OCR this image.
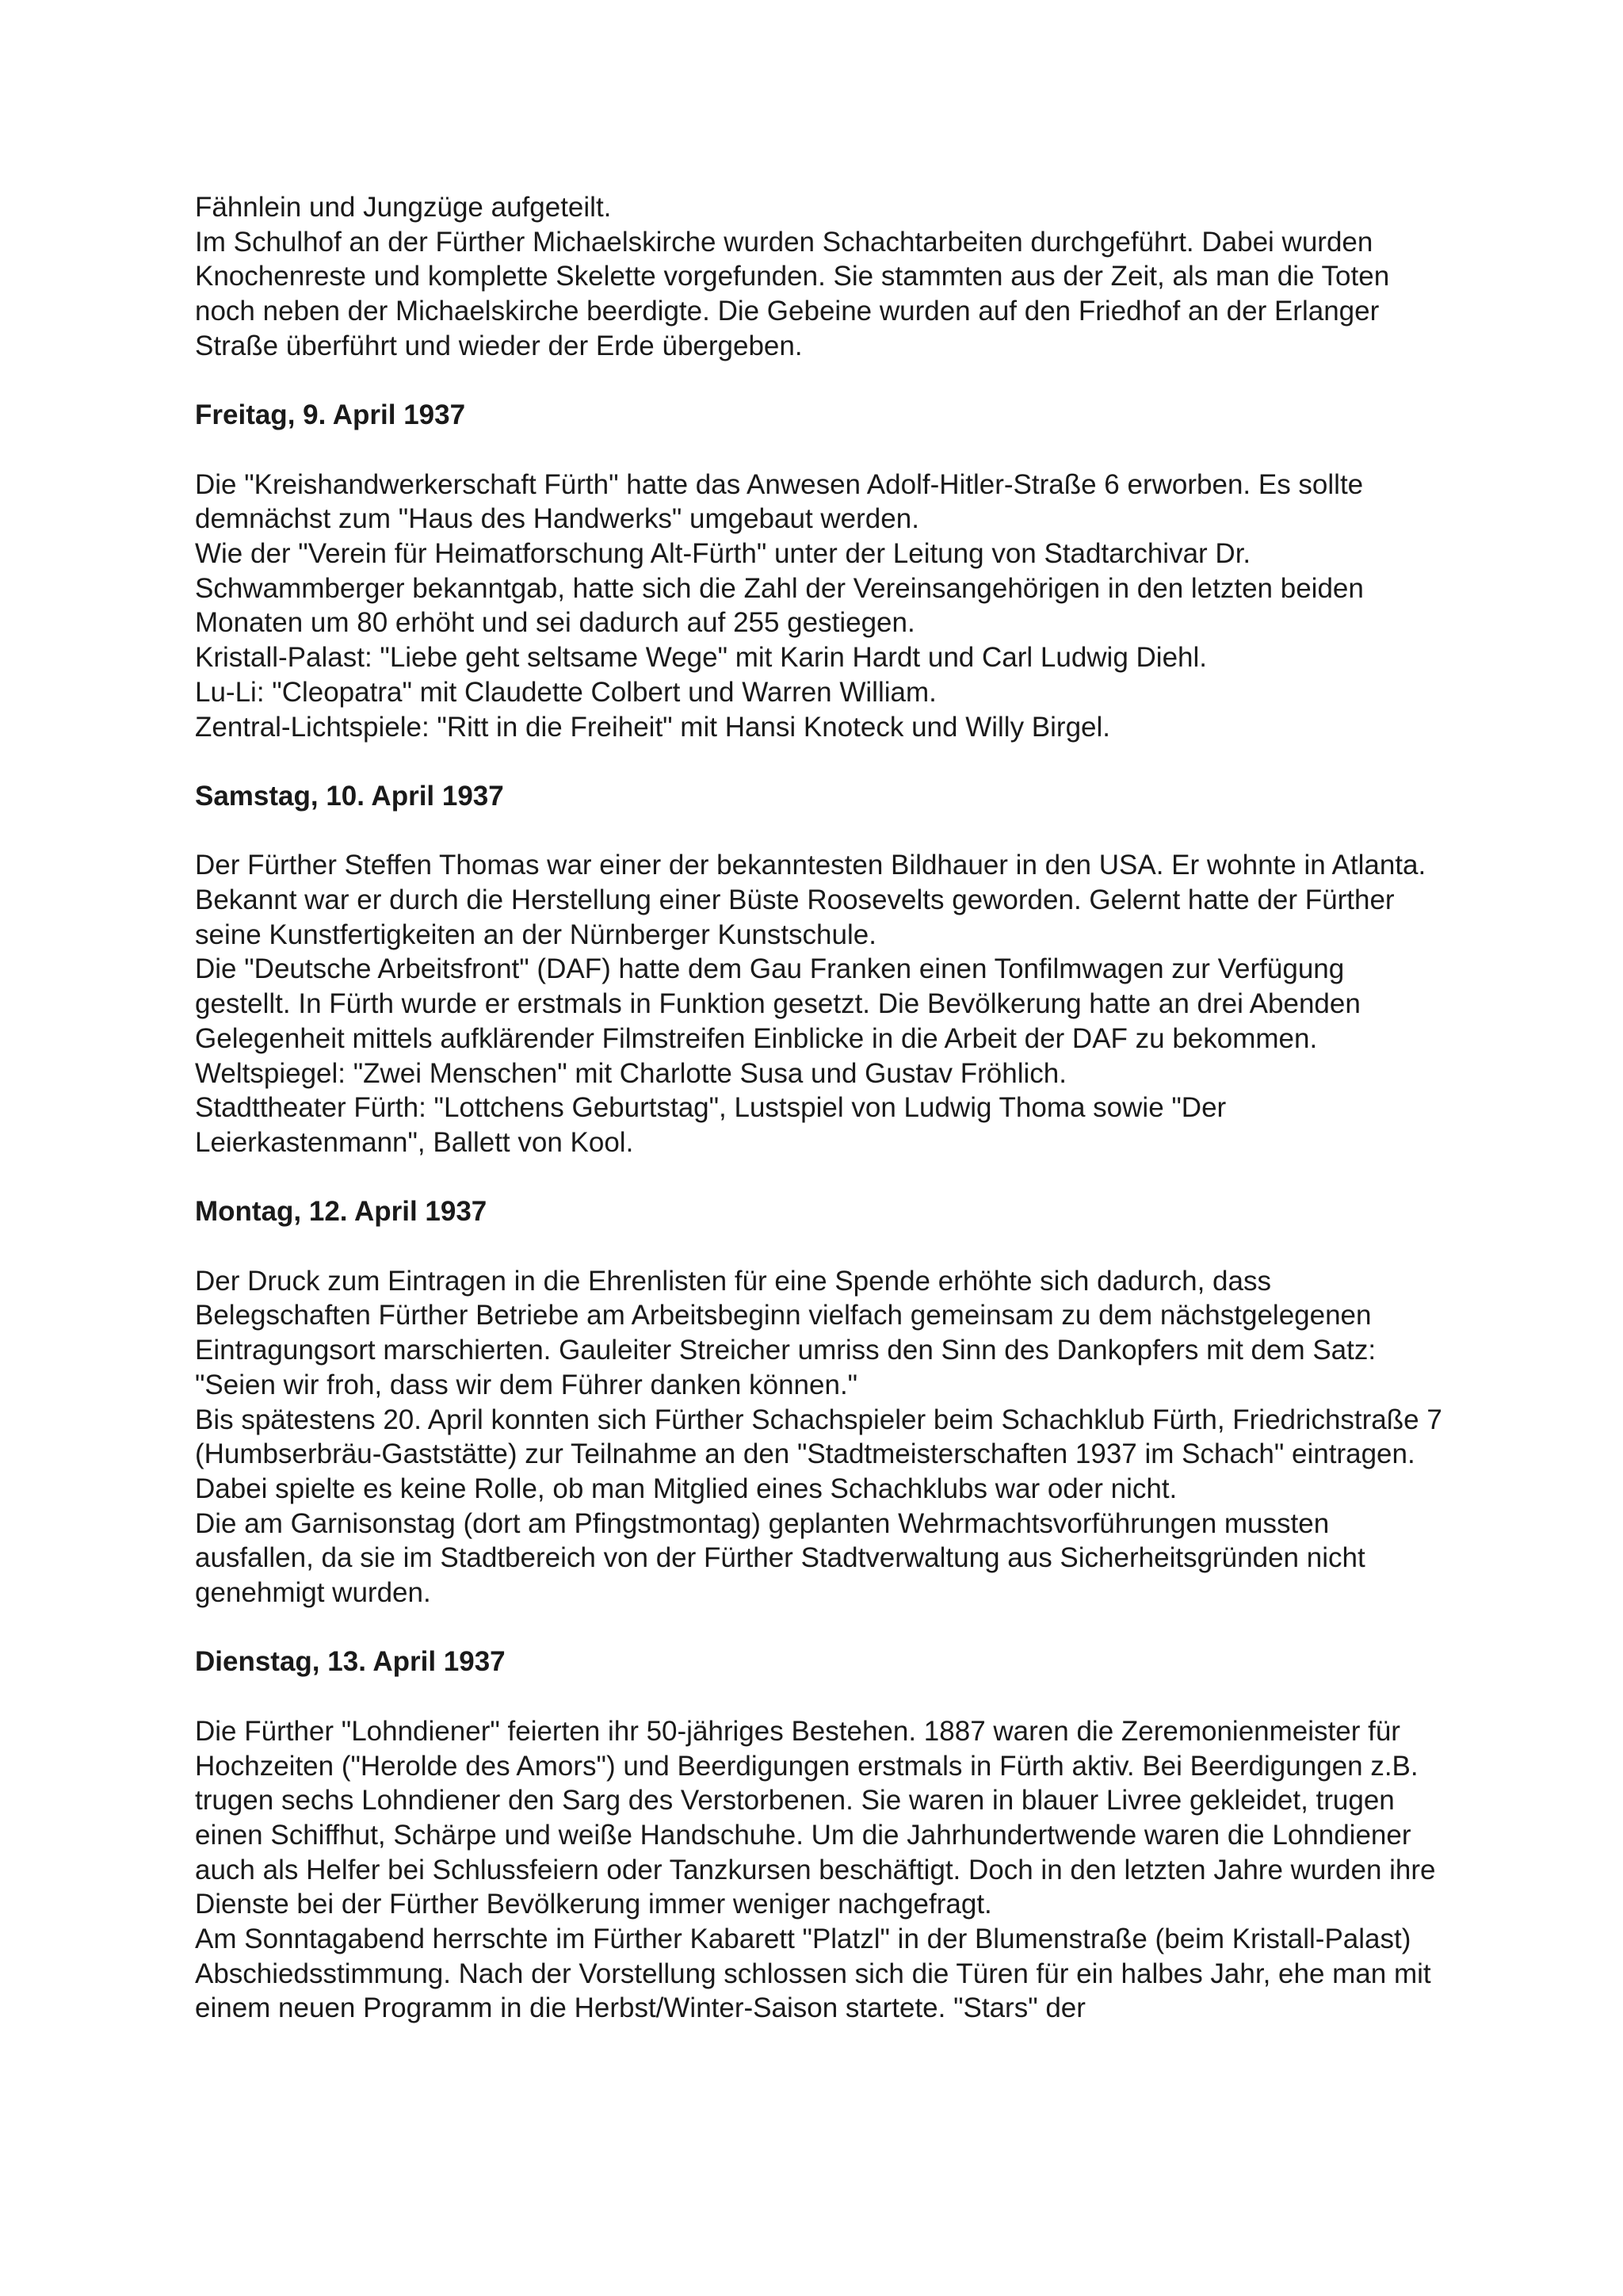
Fähnlein und Jungzüge aufgeteilt.

Im Schulhof an der Fürther Michaelskirche wurden Schachtarbeiten durchgeführt. Dabei wurden Knochenreste und komplette Skelette vorgefunden. Sie stammten aus der Zeit, als man die Toten noch neben der Michaelskirche beerdigte. Die Gebeine wurden auf den Friedhof an der Erlanger Straße überführt und wieder der Erde übergeben.

Freitag, 9. April 1937

Die "Kreishandwerkerschaft Fürth" hatte das Anwesen Adolf-Hitler-Straße 6 erworben. Es sollte demnächst zum "Haus des Handwerks" umgebaut werden.

Wie der "Verein für Heimatforschung Alt-Fürth" unter der Leitung von Stadtarchivar Dr. Schwammberger bekanntgab, hatte sich die Zahl der Vereinsangehörigen in den letzten beiden Monaten um 80 erhöht und sei dadurch auf 255 gestiegen.

Kristall-Palast: "Liebe geht seltsame Wege" mit Karin Hardt und Carl Ludwig Diehl.

Lu-Li: "Cleopatra" mit Claudette Colbert und Warren William.

Zentral-Lichtspiele: "Ritt in die Freiheit" mit Hansi Knoteck und Willy Birgel.

Samstag, 10. April 1937

Der Fürther Steffen Thomas war einer der bekanntesten Bildhauer in den USA. Er wohnte in Atlanta. Bekannt war er durch die Herstellung einer Büste Roosevelts geworden. Gelernt hatte der Fürther seine Kunstfertigkeiten an der Nürnberger Kunstschule.

Die "Deutsche Arbeitsfront" (DAF) hatte dem Gau Franken einen Tonfilmwagen zur Verfügung gestellt. In Fürth wurde er erstmals in Funktion gesetzt. Die Bevölkerung hatte an drei Abenden Gelegenheit mittels aufklärender Filmstreifen Einblicke in die Arbeit der DAF zu bekommen.

Weltspiegel: "Zwei Menschen" mit Charlotte Susa und Gustav Fröhlich.

Stadttheater Fürth: "Lottchens Geburtstag", Lustspiel von Ludwig Thoma sowie "Der Leierkastenmann", Ballett von Kool.

Montag, 12. April 1937

Der Druck zum Eintragen in die Ehrenlisten für eine Spende erhöhte sich dadurch, dass Belegschaften Fürther Betriebe am Arbeitsbeginn vielfach gemeinsam zu dem nächstgelegenen Eintragungsort marschierten. Gauleiter Streicher umriss den Sinn des Dankopfers mit dem Satz: "Seien wir froh, dass wir dem Führer danken können."

Bis spätestens 20. April konnten sich Fürther Schachspieler beim Schachklub Fürth, Friedrichstraße 7 (Humbserbräu-Gaststätte) zur Teilnahme an den "Stadtmeisterschaften 1937 im Schach" eintragen. Dabei spielte es keine Rolle, ob man Mitglied eines Schachklubs war oder nicht.

Die am Garnisonstag (dort am Pfingstmontag) geplanten Wehrmachtsvorführungen mussten ausfallen, da sie im Stadtbereich von der Fürther Stadtverwaltung aus Sicherheitsgründen nicht genehmigt wurden.

Dienstag, 13. April 1937

Die Fürther "Lohndiener" feierten ihr 50-jähriges Bestehen. 1887 waren die Zeremonienmeister für Hochzeiten ("Herolde des Amors") und Beerdigungen erstmals in Fürth aktiv. Bei Beerdigungen z.B. trugen sechs Lohndiener den Sarg des Verstorbenen. Sie waren in blauer Livree gekleidet, trugen einen Schiffhut, Schärpe und weiße Handschuhe. Um die Jahrhundertwende waren die Lohndiener auch als Helfer bei Schlussfeiern oder Tanzkursen beschäftigt. Doch in den letzten Jahre wurden ihre Dienste bei der Fürther Bevölkerung immer weniger nachgefragt.

Am Sonntagabend herrschte im Fürther Kabarett "Platzl" in der Blumenstraße (beim Kristall-Palast) Abschiedsstimmung. Nach der Vorstellung schlossen sich die Türen für ein halbes Jahr, ehe man mit einem neuen Programm in die Herbst/Winter-Saison startete. "Stars" der
